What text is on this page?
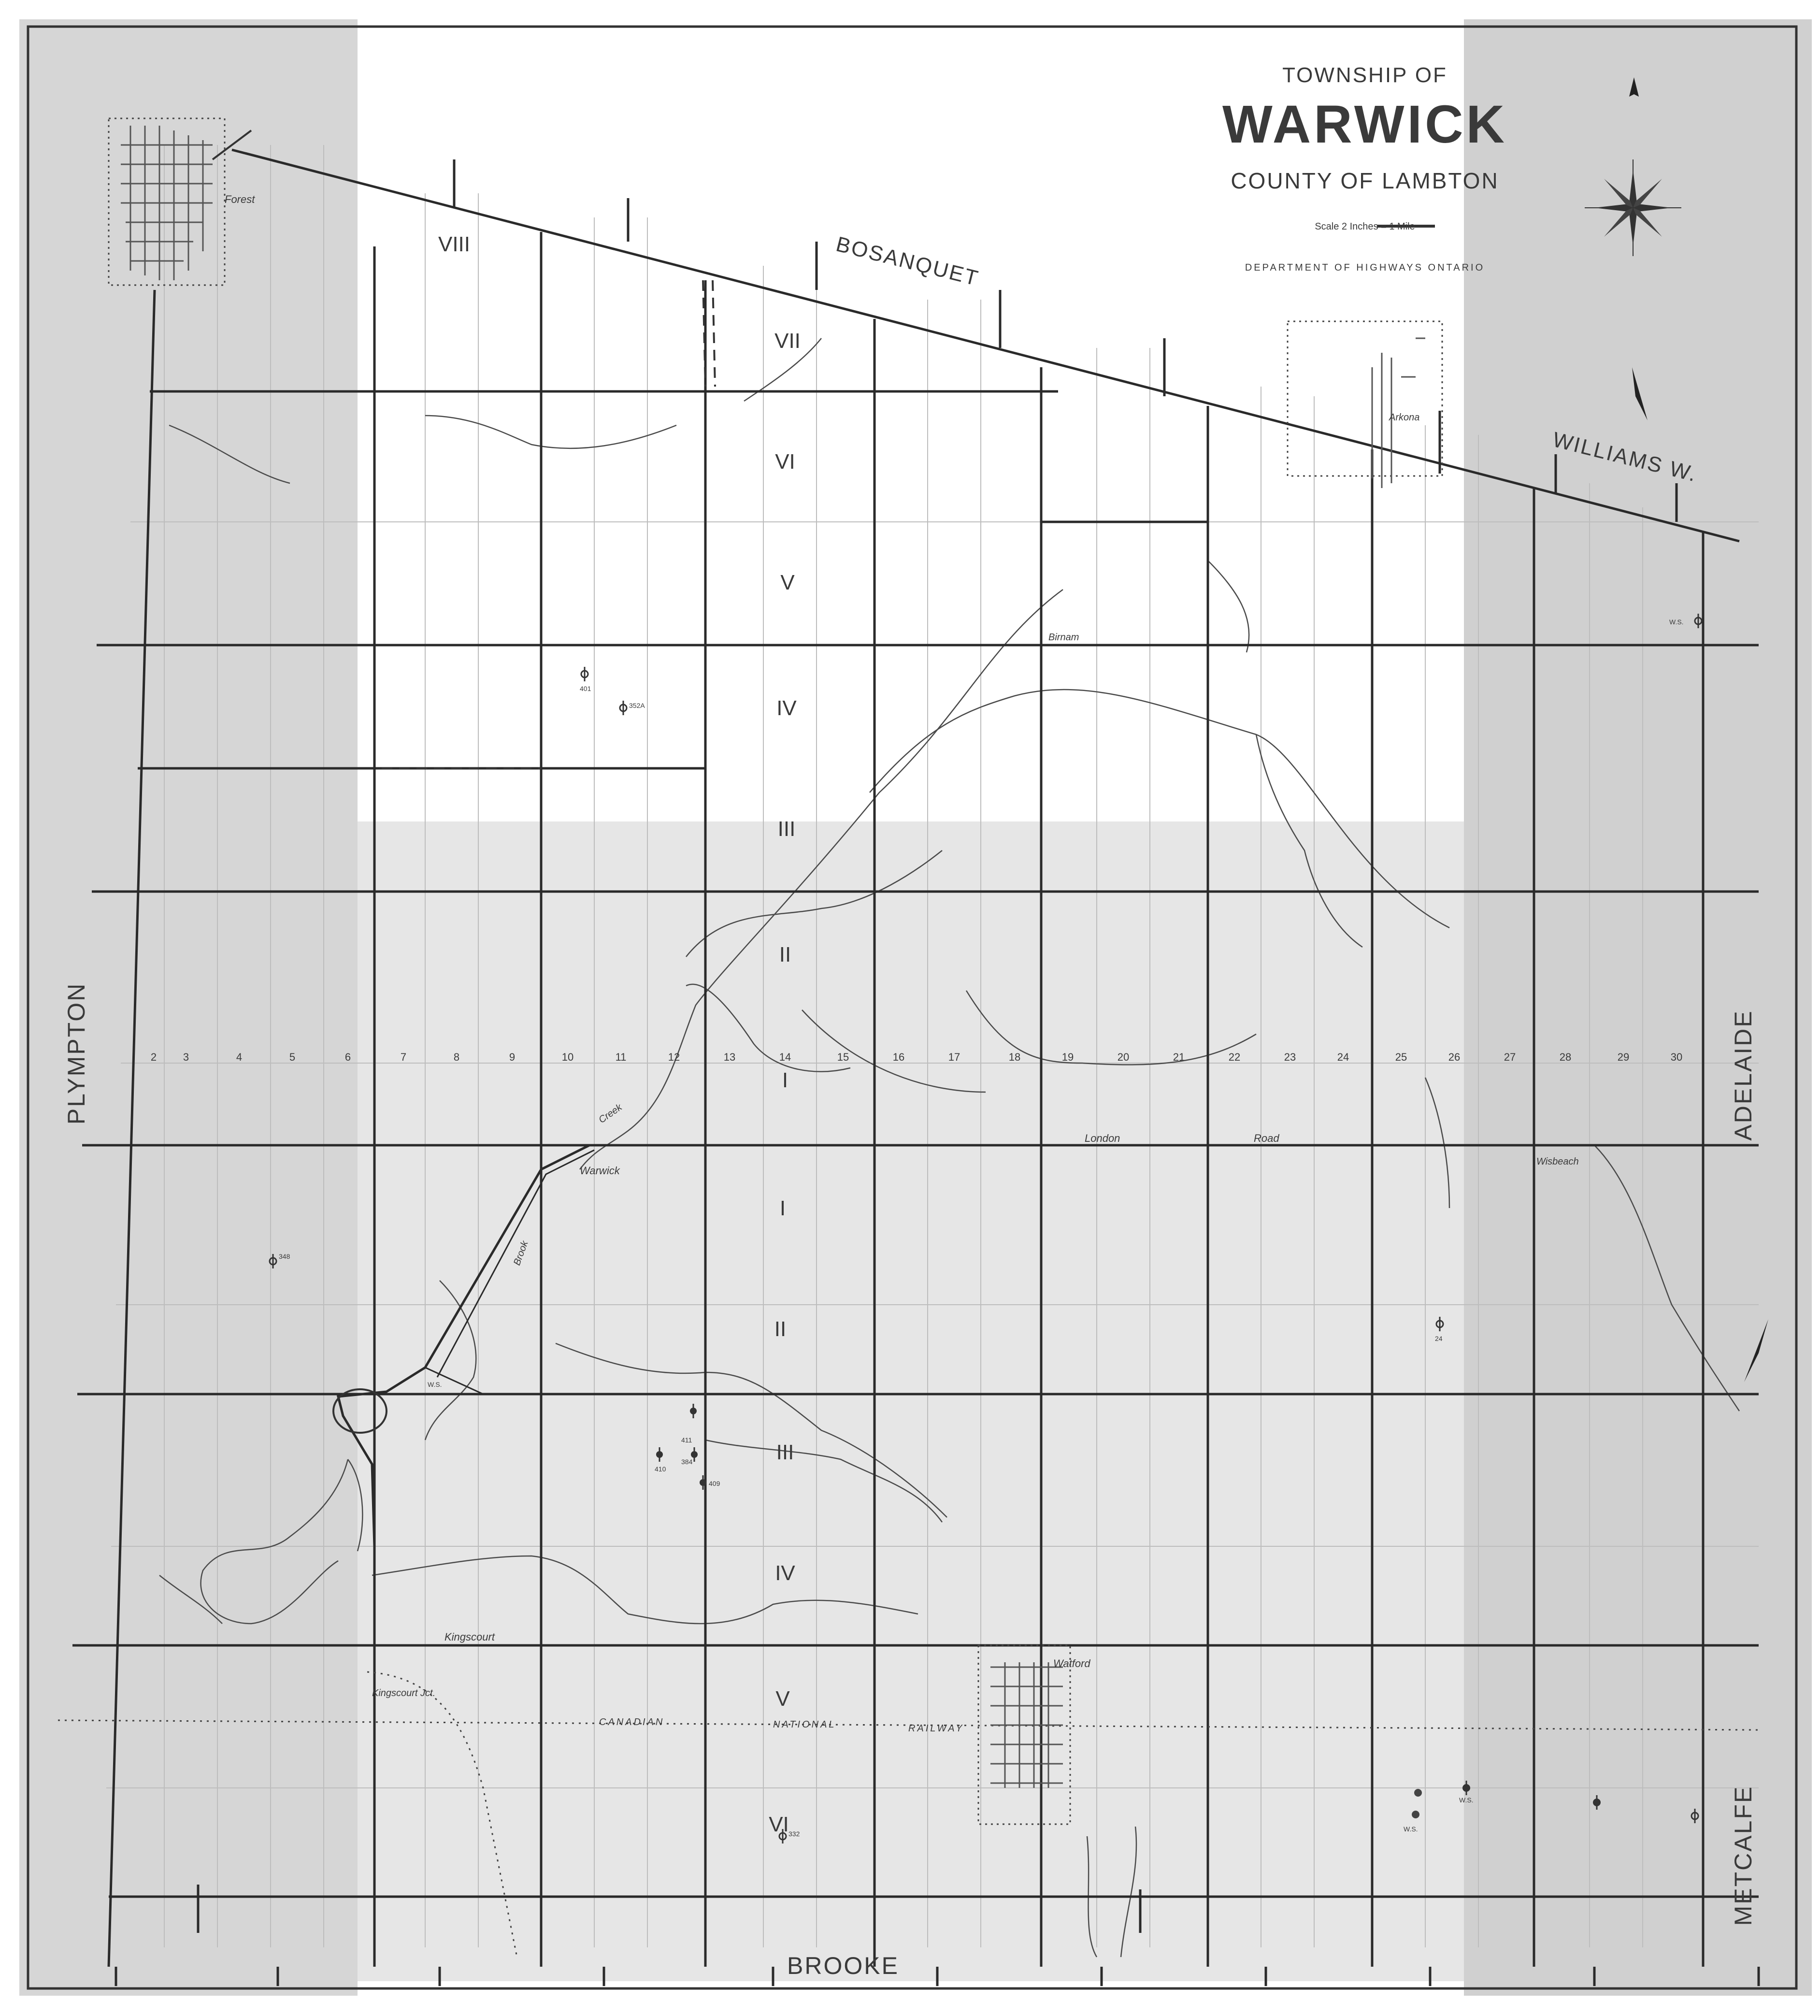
TOWNSHIP OF
WARWICK
COUNTY OF LAMBTON
Scale 2 Inches = 1 Mile
DEPARTMENT OF HIGHWAYS ONTARIO
BOSANQUET
WILLIAMS W.
PLYMPTON	ADELAIDE
METCALFE
BROOKE
VIII
VII
VI
V
IV
III
II
I
I
II
III
IV
V
VI
2 3	4	5	6	7	8	9	10	11	12	13	14	15	16	17	18	19	20	21	22	23	24	25	26	27	28	29	30
Forest
Arkona
Birnam
Warwick
Watford
Kingscourt
Wisbeach
London	Road
Creek
Brook
Kingscourt Jct.
CANADIAN	NATIONAL	RAILWAY
401
352A
348
W.S.
410
411
384
409
332
W.S.
W.S.
24
W.S.
